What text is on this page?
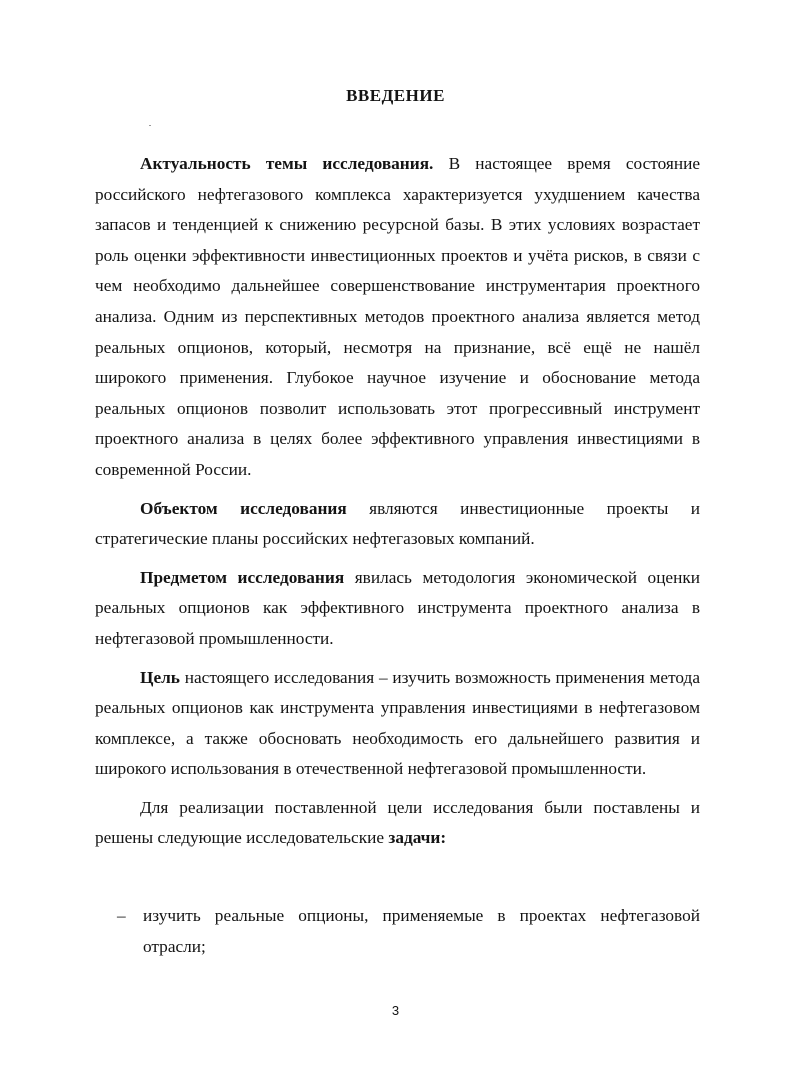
ВВЕДЕНИЕ

Актуальность темы исследования. В настоящее время состояние российского нефтегазового комплекса характеризуется ухудшением качества запасов и тенденцией к снижению ресурсной базы. В этих условиях возрастает роль оценки эффективности инвестиционных проектов и учёта рисков, в связи с чем необходимо дальнейшее совершенствование инструментария проектного анализа. Одним из перспективных методов проектного анализа является метод реальных опционов, который, несмотря на признание, всё ещё не нашёл широкого применения. Глубокое научное изучение и обоснование метода реальных опционов позволит использовать этот прогрессивный инструмент проектного анализа в целях более эффективного управления инвестициями в современной России.

Объектом исследования являются инвестиционные проекты и стратегические планы российских нефтегазовых компаний.

Предметом исследования явилась методология экономической оценки реальных опционов как эффективного инструмента проектного анализа в нефтегазовой промышленности.

Цель настоящего исследования – изучить возможность применения метода реальных опционов как инструмента управления инвестициями в нефтегазовом комплексе, а также обосновать необходимость его дальнейшего развития и широкого использования в отечественной нефтегазовой промышленности.

Для реализации поставленной цели исследования были поставлены и решены следующие исследовательские задачи:

– изучить реальные опционы, применяемые в проектах нефтегазовой отрасли;
3
